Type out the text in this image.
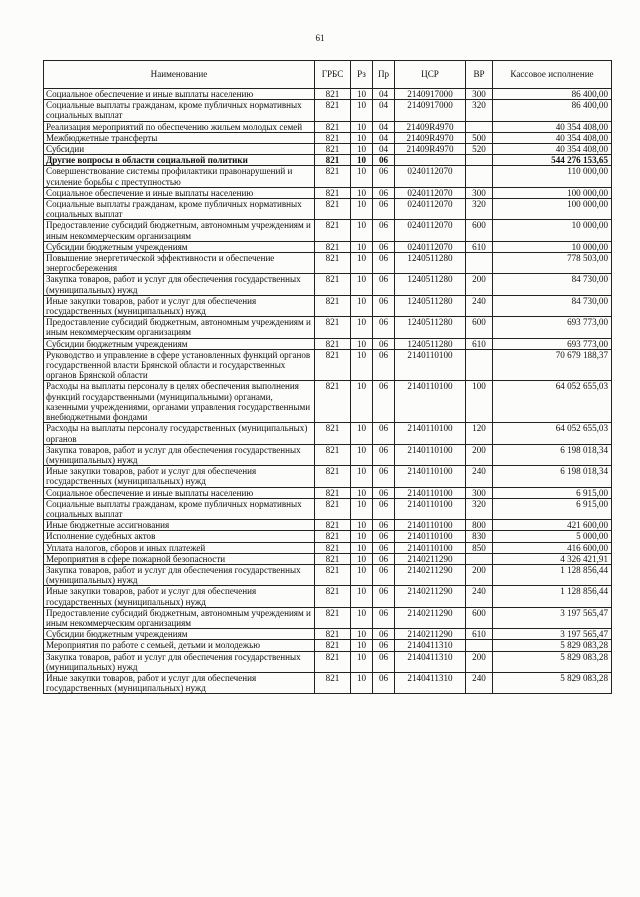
61
Наименование	ГРБС	Рз	Пр	ЦСР	ВР	Кассовое исполнение
Социальное обеспечение и иные выплаты населению	821	10	04	2140917000	300	86 400,00
Социальные выплаты гражданам, кроме публичных нормативных социальных выплат	821	10	04	2140917000	320	86 400,00
Реализация мероприятий по обеспечению жильем молодых семей	821	10	04	21409R4970		40 354 408,00
Межбюджетные трансферты	821	10	04	21409R4970	500	40 354 408,00
Субсидии	821	10	04	21409R4970	520	40 354 408,00
Другие вопросы в области социальной политики	821	10	06			544 276 153,65
Совершенствование системы профилактики правонарушений и усиление борьбы с преступностью	821	10	06	0240112070		110 000,00
Социальное обеспечение и иные выплаты населению	821	10	06	0240112070	300	100 000,00
Социальные выплаты гражданам, кроме публичных нормативных социальных выплат	821	10	06	0240112070	320	100 000,00
Предоставление субсидий бюджетным, автономным учреждениям и иным некоммерческим организациям	821	10	06	0240112070	600	10 000,00
Субсидии бюджетным учреждениям	821	10	06	0240112070	610	10 000,00
Повышение энергетической эффективности и обеспечение энергосбережения	821	10	06	1240511280		778 503,00
Закупка товаров, работ и услуг для обеспечения государственных (муниципальных) нужд	821	10	06	1240511280	200	84 730,00
Иные закупки товаров, работ и услуг для обеспечения государственных (муниципальных) нужд	821	10	06	1240511280	240	84 730,00
Предоставление субсидий бюджетным, автономным учреждениям и иным некоммерческим организациям	821	10	06	1240511280	600	693 773,00
Субсидии бюджетным учреждениям	821	10	06	1240511280	610	693 773,00
Руководство и управление в сфере установленных функций органов государственной власти Брянской области и государственных органов Брянской области	821	10	06	2140110100		70 679 188,37
Расходы на выплаты персоналу в целях обеспечения выполнения функций государственными (муниципальными) органами, казенными учреждениями, органами управления государственными внебюджетными фондами	821	10	06	2140110100	100	64 052 655,03
Расходы на выплаты персоналу государственных (муниципальных) органов	821	10	06	2140110100	120	64 052 655,03
Закупка товаров, работ и услуг для обеспечения государственных (муниципальных) нужд	821	10	06	2140110100	200	6 198 018,34
Иные закупки товаров, работ и услуг для обеспечения государственных (муниципальных) нужд	821	10	06	2140110100	240	6 198 018,34
Социальное обеспечение и иные выплаты населению	821	10	06	2140110100	300	6 915,00
Социальные выплаты гражданам, кроме публичных нормативных социальных выплат	821	10	06	2140110100	320	6 915,00
Иные бюджетные ассигнования	821	10	06	2140110100	800	421 600,00
Исполнение судебных актов	821	10	06	2140110100	830	5 000,00
Уплата налогов, сборов и иных платежей	821	10	06	2140110100	850	416 600,00
Мероприятия в сфере пожарной безопасности	821	10	06	2140211290		4 326 421,91
Закупка товаров, работ и услуг для обеспечения государственных (муниципальных) нужд	821	10	06	2140211290	200	1 128 856,44
Иные закупки товаров, работ и услуг для обеспечения государственных (муниципальных) нужд	821	10	06	2140211290	240	1 128 856,44
Предоставление субсидий бюджетным, автономным учреждениям и иным некоммерческим организациям	821	10	06	2140211290	600	3 197 565,47
Субсидии бюджетным учреждениям	821	10	06	2140211290	610	3 197 565,47
Мероприятия по работе с семьей, детьми и молодежью	821	10	06	2140411310		5 829 083,28
Закупка товаров, работ и услуг для обеспечения государственных (муниципальных) нужд	821	10	06	2140411310	200	5 829 083,28
Иные закупки товаров, работ и услуг для обеспечения государственных (муниципальных) нужд	821	10	06	2140411310	240	5 829 083,28
